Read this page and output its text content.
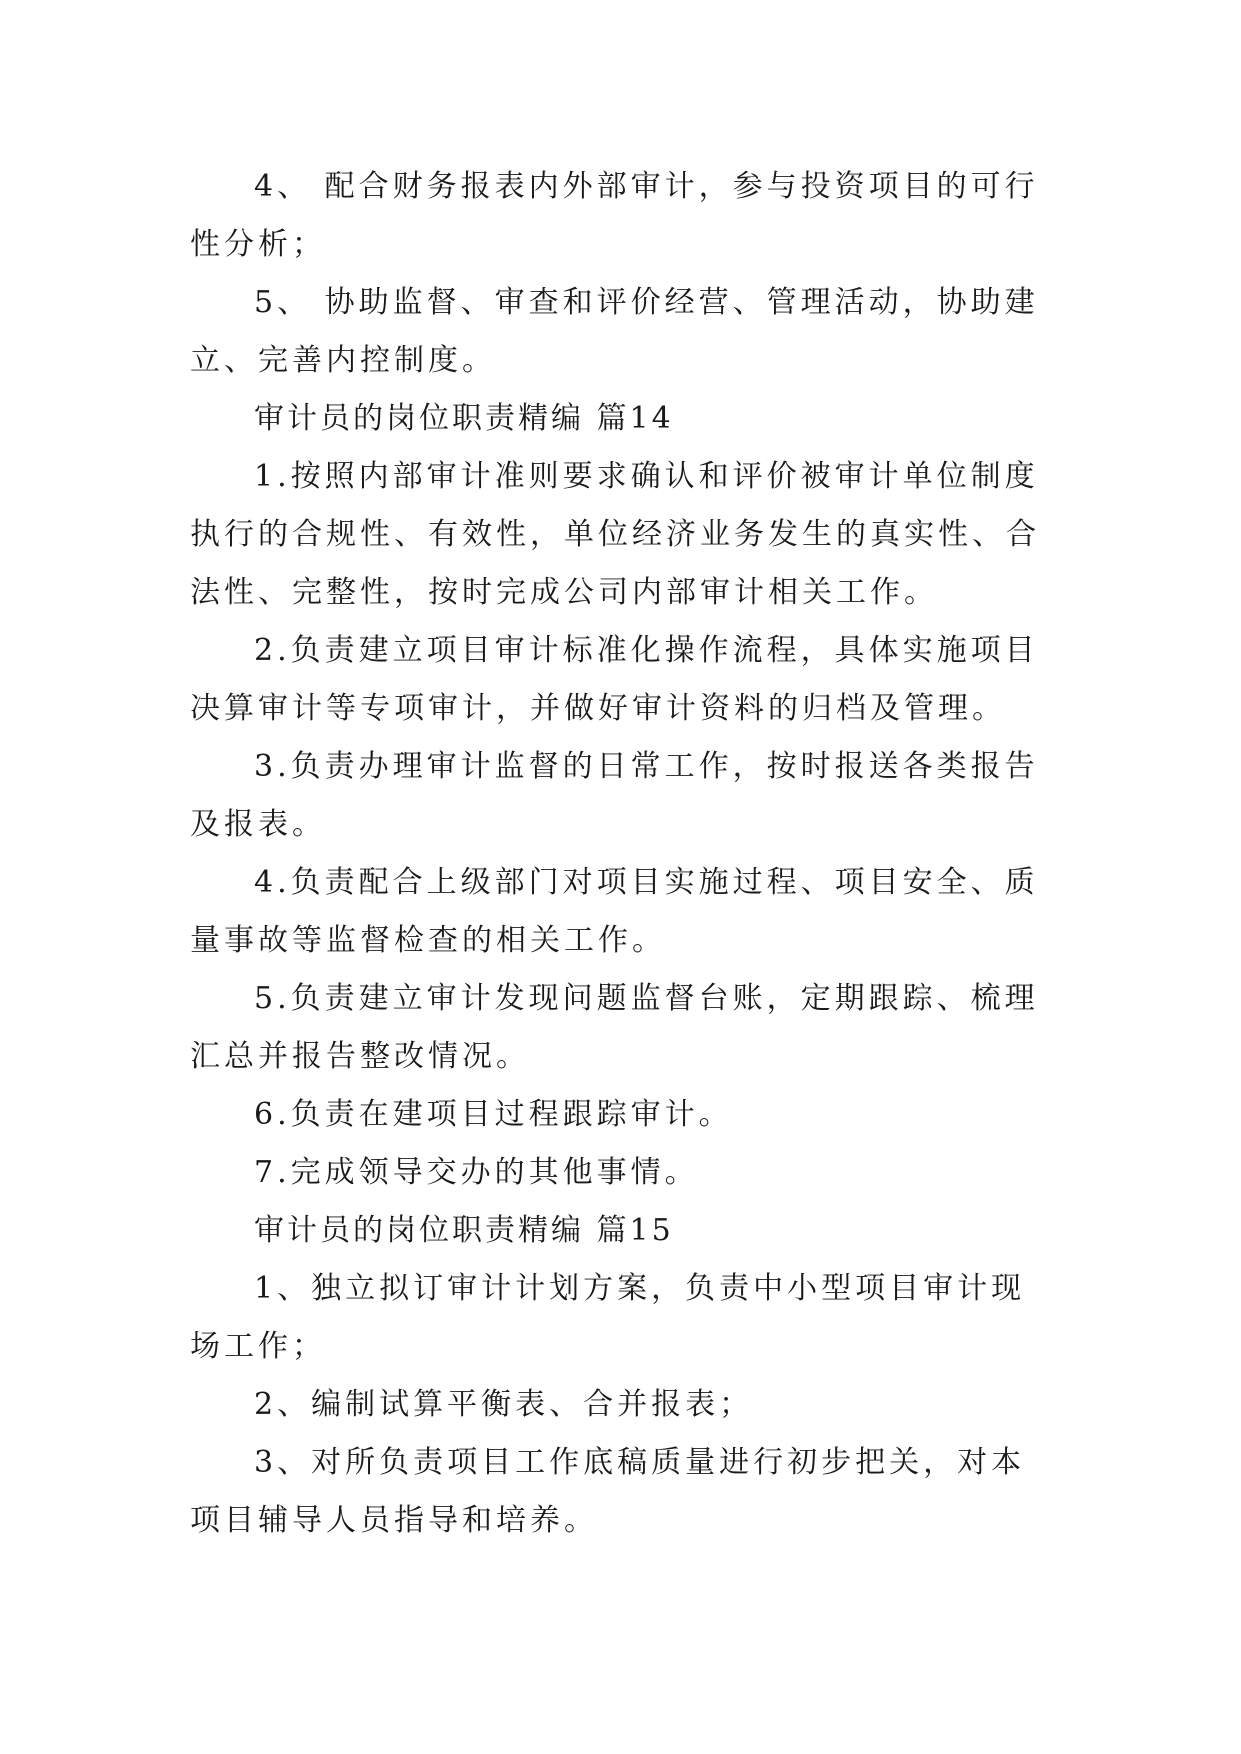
4、 配合财务报表内外部审计，参与投资项目的可行性分析；

5、 协助监督、审查和评价经营、管理活动，协助建立、完善内控制度。

审计员的岗位职责精编 篇14

1.按照内部审计准则要求确认和评价被审计单位制度执行的合规性、有效性，单位经济业务发生的真实性、合法性、完整性，按时完成公司内部审计相关工作。

2.负责建立项目审计标准化操作流程，具体实施项目决算审计等专项审计，并做好审计资料的归档及管理。

3.负责办理审计监督的日常工作，按时报送各类报告及报表。

4.负责配合上级部门对项目实施过程、项目安全、质量事故等监督检查的相关工作。

5.负责建立审计发现问题监督台账，定期跟踪、梳理汇总并报告整改情况。

6.负责在建项目过程跟踪审计。

7.完成领导交办的其他事情。

审计员的岗位职责精编 篇15

1、独立拟订审计计划方案，负责中小型项目审计现场工作；

2、编制试算平衡表、合并报表；

3、对所负责项目工作底稿质量进行初步把关，对本项目辅导人员指导和培养。
